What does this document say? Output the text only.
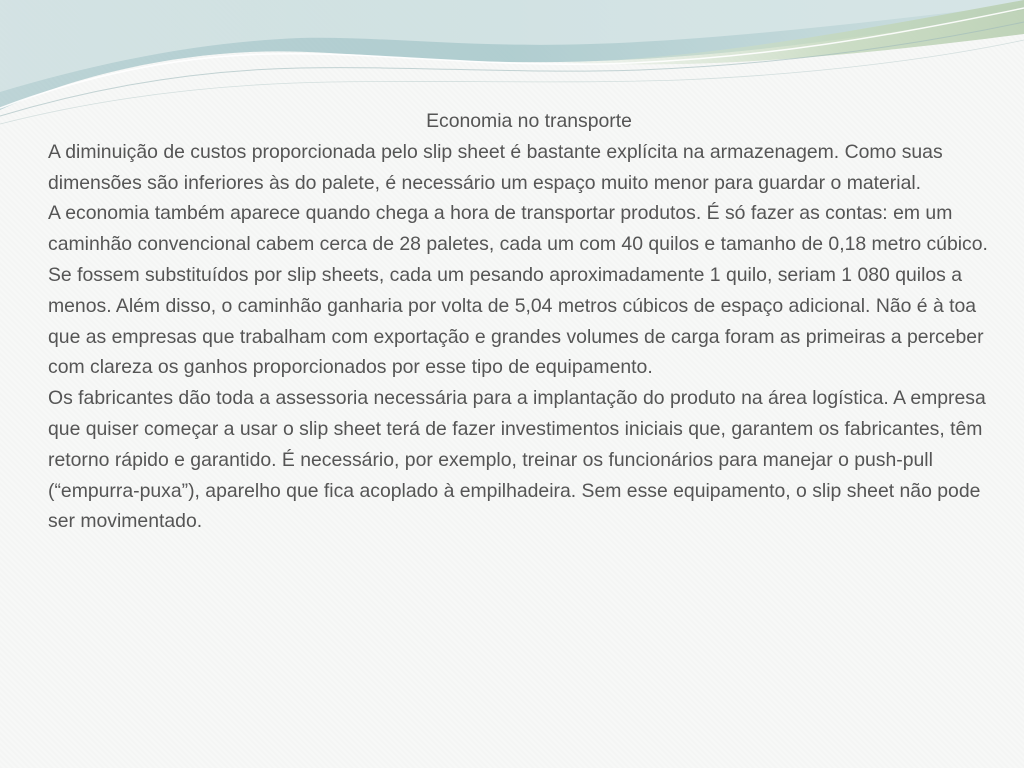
Economia no transporte

A diminuição de custos proporcionada pelo slip sheet é bastante explícita na armazenagem. Como suas dimensões são inferiores às do palete, é necessário um espaço muito menor para guardar o material.

A economia também aparece quando chega a hora de transportar produtos. É só fazer as contas: em um caminhão convencional cabem cerca de 28 paletes, cada um com 40 quilos e tamanho de 0,18 metro cúbico. Se fossem substituídos por slip sheets, cada um pesando aproximadamente 1 quilo, seriam 1 080 quilos a menos. Além disso, o caminhão ganharia por volta de 5,04 metros cúbicos de espaço adicional. Não é à toa que as empresas que trabalham com exportação e grandes volumes de carga foram as primeiras a perceber com clareza os ganhos proporcionados por esse tipo de equipamento.

Os fabricantes dão toda a assessoria necessária para a implantação do produto na área logística. A empresa que quiser começar a usar o slip sheet terá de fazer investimentos iniciais que, garantem os fabricantes, têm retorno rápido e garantido. É necessário, por exemplo, treinar os funcionários para manejar o push-pull (“empurra-puxa”), aparelho que fica acoplado à empilhadeira. Sem esse equipamento, o slip sheet não pode ser movimentado.
